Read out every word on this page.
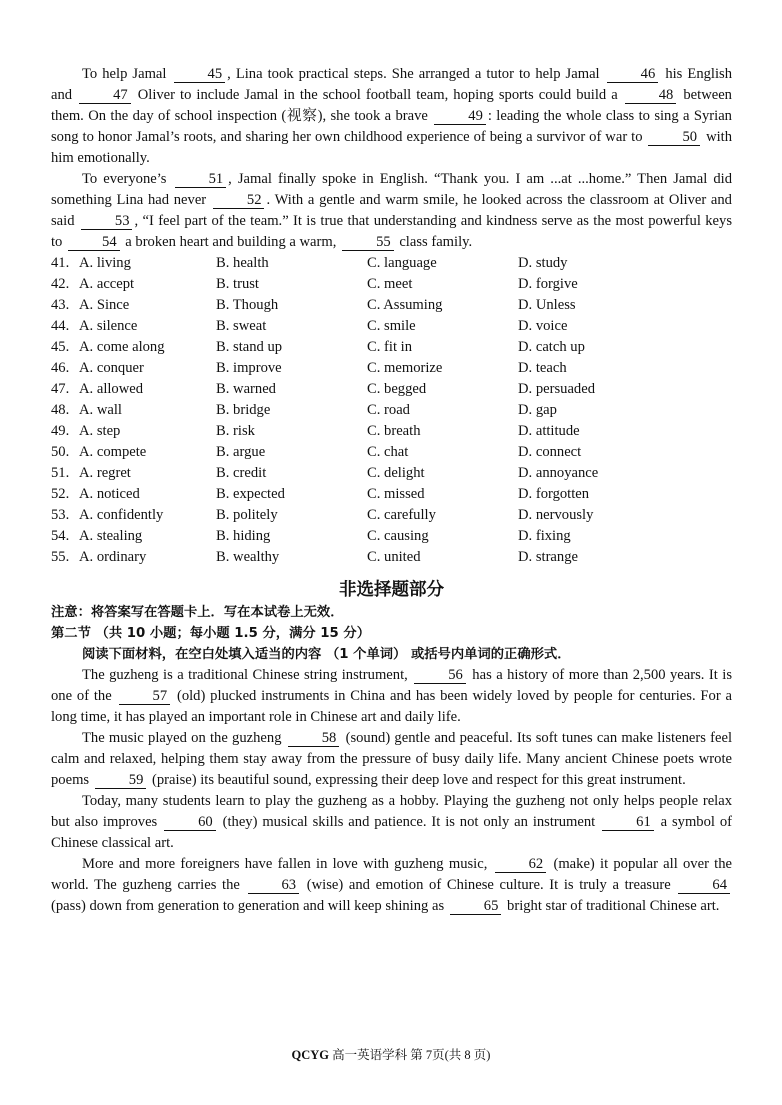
To help Jamal	45 , Lina took practical steps. She arranged a tutor to help Jamal	46 his English and	47 Oliver to include Jamal in the school football team, hoping sports could build a	48 between them. On the day of school inspection (视察), she took a brave	49 : leading the whole class to sing a Syrian song to honor Jamal’s roots, and sharing her own childhood experience of being a survivor of war to	50 with him emotionally.

To everyone’s	51 , Jamal finally spoke in English. “Thank you. I am ...at ...home.” Then Jamal did something Lina had never	52 . With a gentle and warm smile, he looked across the classroom at Oliver and said	53 , “I feel part of the team.” It is true that understanding and kindness serve as the most powerful keys to	54 a broken heart and building a warm,	55 class family.

41. A. living	B. health	C. language	D. study
42. A. accept	B. trust	C. meet	D. forgive
43. A. Since	B. Though	C. Assuming	D. Unless
44. A. silence	B. sweat	C. smile	D. voice
45. A. come along	B. stand up	C. fit in	D. catch up
46. A. conquer	B. improve	C. memorize	D. teach
47. A. allowed	B. warned	C. begged	D. persuaded
48. A. wall	B. bridge	C. road	D. gap
49. A. step	B. risk	C. breath	D. attitude
50. A. compete	B. argue	C. chat	D. connect
51. A. regret	B. credit	C. delight	D. annoyance
52. A. noticed	B. expected	C. missed	D. forgotten
53. A. confidently	B. politely	C. carefully	D. nervously
54. A. stealing	B. hiding	C. causing	D. fixing
55. A. ordinary	B. wealthy	C. united	D. strange
非选择题部分
注意：将答案写在答题卡上．写在本试卷上无效．
第二节 （共 10 小题；每小题 1.5 分，满分 15 分）
阅读下面材料，在空白处填入适当的内容 （1 个单词） 或括号内单词的正确形式．

The guzheng is a traditional Chinese string instrument,	56 has a history of more than 2,500 years. It is one of the	57 (old) plucked instruments in China and has been widely loved by people for centuries. For a long time, it has played an important role in Chinese art and daily life.

The music played on the guzheng	58 (sound) gentle and peaceful. Its soft tunes can make listeners feel calm and relaxed, helping them stay away from the pressure of busy daily life. Many ancient Chinese poets wrote poems	59 (praise) its beautiful sound, expressing their deep love and respect for this great instrument.

Today, many students learn to play the guzheng as a hobby. Playing the guzheng not only helps people relax but also improves	60 (they) musical skills and patience. It is not only an instrument	61 a symbol of Chinese classical art.

More and more foreigners have fallen in love with guzheng music,	62 (make) it popular all over the world. The guzheng carries the	63 (wise) and emotion of Chinese culture. It is truly a treasure	64 (pass) down from generation to generation and will keep shining as	65 bright star of traditional Chinese art.

QCYG 高一英语学科 第 7页(共 8 页)
